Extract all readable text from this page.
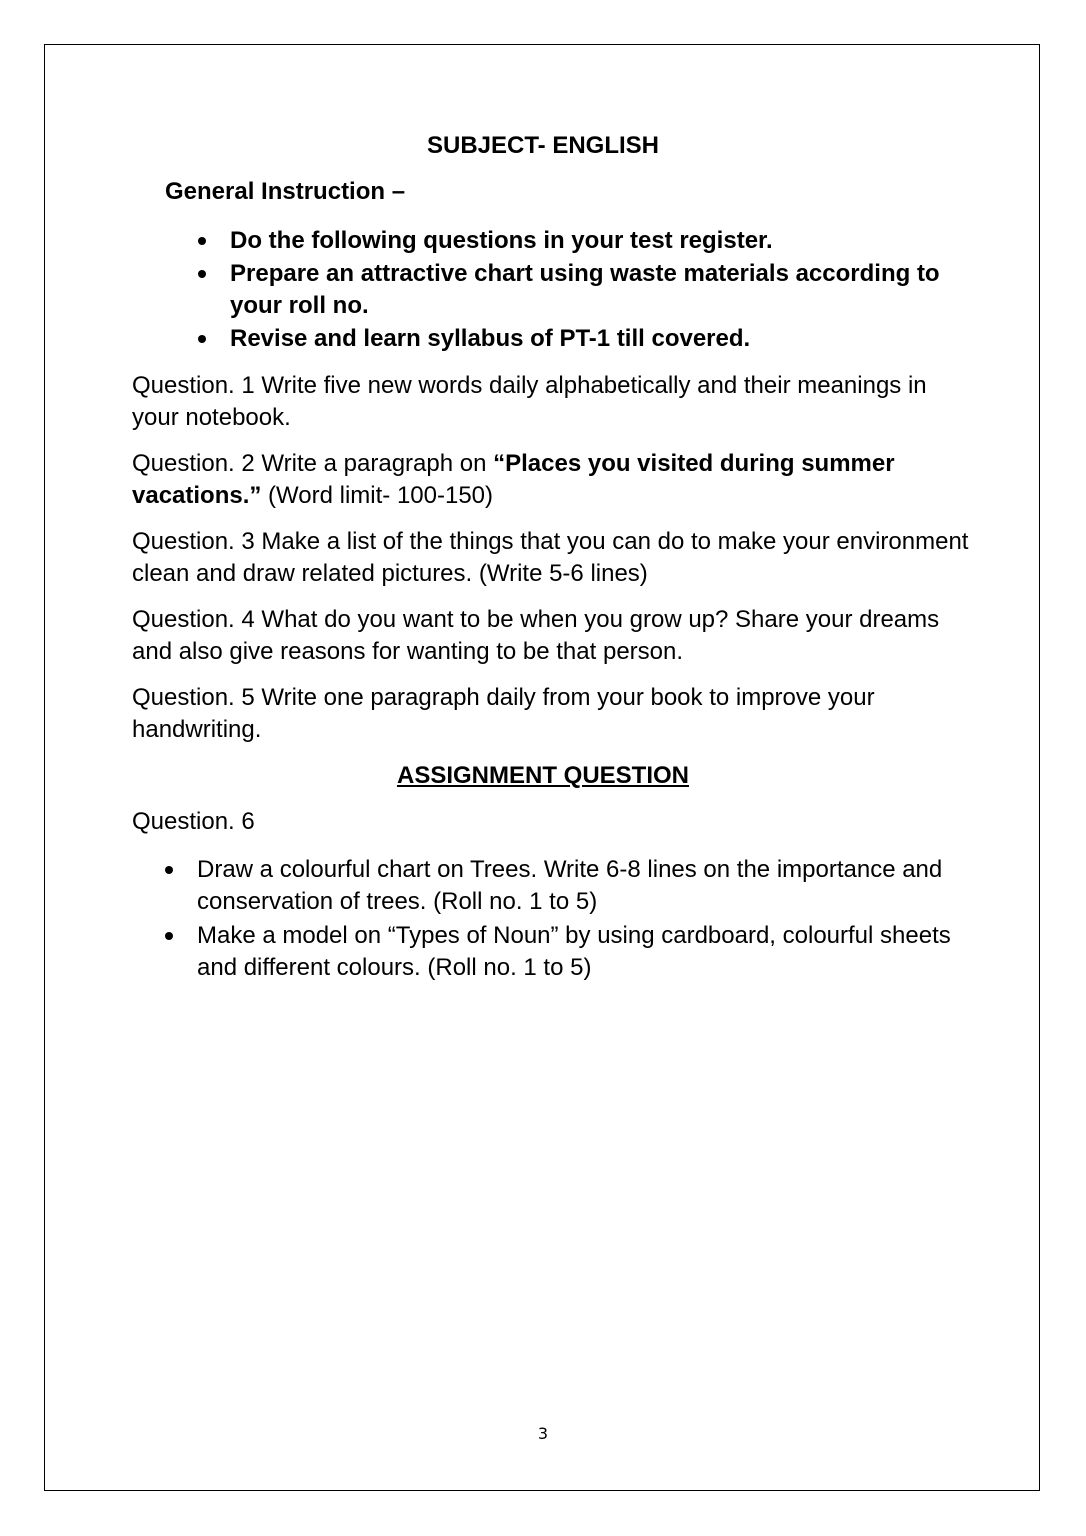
SUBJECT- ENGLISH
General Instruction –
Do the following questions in your test register.
Prepare an attractive chart using waste materials according to your roll no.
Revise and learn syllabus of PT-1 till covered.
Question. 1 Write five new words daily alphabetically and their meanings in your notebook.
Question. 2 Write a paragraph on “Places you visited during summer vacations.” (Word limit- 100-150)
Question. 3 Make a list of the things that you can do to make your environment clean and draw related pictures. (Write 5-6 lines)
Question. 4 What do you want to be when you grow up? Share your dreams and also give reasons for wanting to be that person.
Question. 5 Write one paragraph daily from your book to improve your handwriting.
ASSIGNMENT QUESTION
Question. 6
Draw a colourful chart on Trees. Write 6-8 lines on the importance and conservation of trees. (Roll no. 1 to 5)
Make a model on “Types of Noun” by using cardboard, colourful sheets and different colours. (Roll no. 1 to 5)
3
